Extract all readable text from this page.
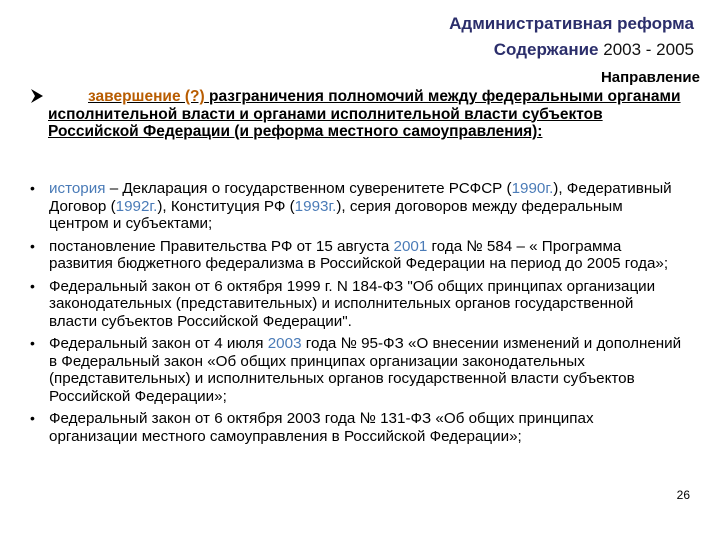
Административная реформа
Содержание 2003 - 2005
Направление
завершение (?) разграничения полномочий между федеральными органами исполнительной власти и органами исполнительной власти субъектов Российской Федерации (и реформа местного самоуправления):
• история – Декларация о государственном суверенитете РСФСР (1990г.), Федеративный Договор (1992г.), Конституция РФ (1993г.), серия договоров между федеральным центром и субъектами;
• постановление Правительства РФ от 15 августа 2001 года № 584 – « Программа развития бюджетного федерализма в Российской Федерации на период до 2005 года»;
• Федеральный закон от 6 октября 1999 г. N 184-ФЗ "Об общих принципах организации законодательных (представительных) и исполнительных органов государственной власти субъектов Российской Федерации".
• Федеральный закон от 4 июля 2003 года № 95-ФЗ «О внесении изменений и дополнений в Федеральный закон «Об общих принципах организации законодательных (представительных) и исполнительных органов государственной власти субъектов Российской Федерации»;
• Федеральный закон от 6 октября 2003 года № 131-ФЗ «Об общих принципах организации местного самоуправления в Российской Федерации»;
26
